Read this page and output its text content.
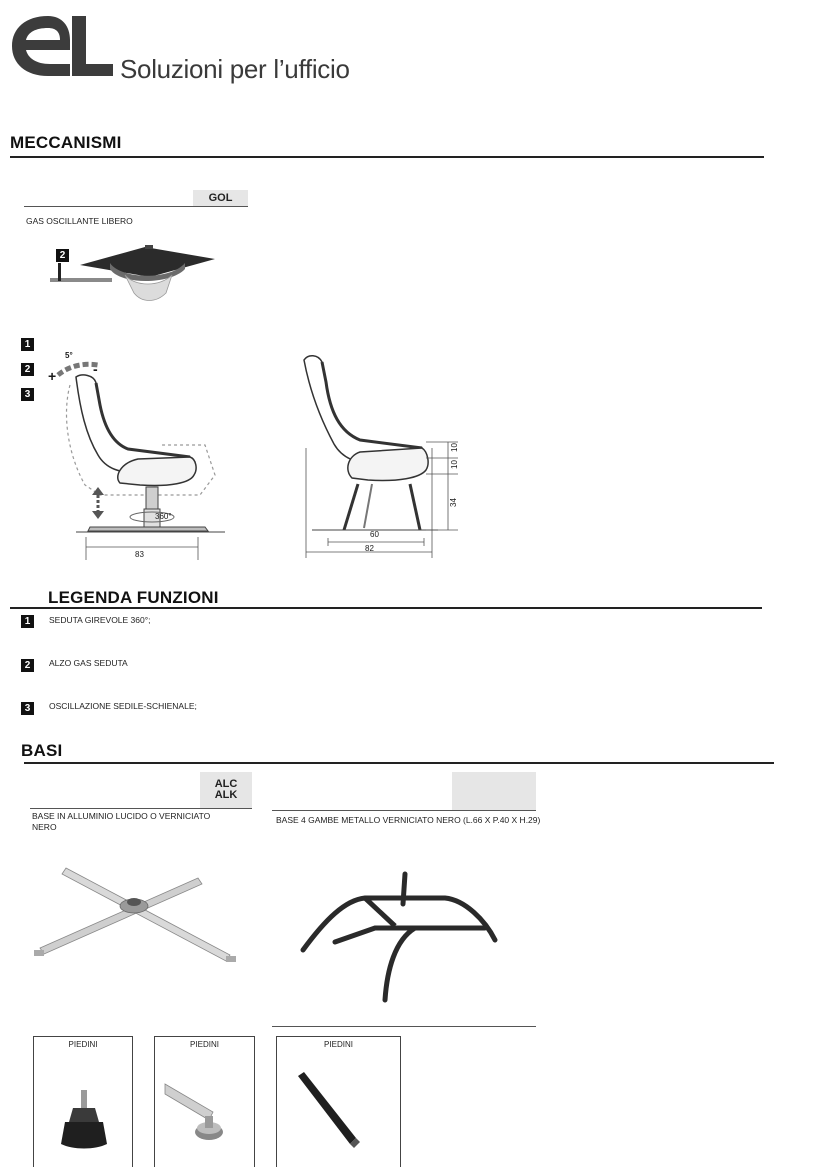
Soluzioni per l’ufficio
MECCANISMI
GOL
GAS OSCILLANTE LIBERO
2
1
2
3
5°
+	-
360°
83
10
10
34
60
82
LEGENDA FUNZIONI
1	SEDUTA GIREVOLE 360°;
2	ALZO GAS SEDUTA
3	OSCILLAZIONE SEDILE-SCHIENALE;
BASI
ALC
ALK
BASE IN ALLUMINIO LUCIDO O VERNICIATO NERO
BASE 4 GAMBE METALLO VERNICIATO NERO (L.66 X P.40 X H.29)
PIEDINI	PIEDINI	PIEDINI
